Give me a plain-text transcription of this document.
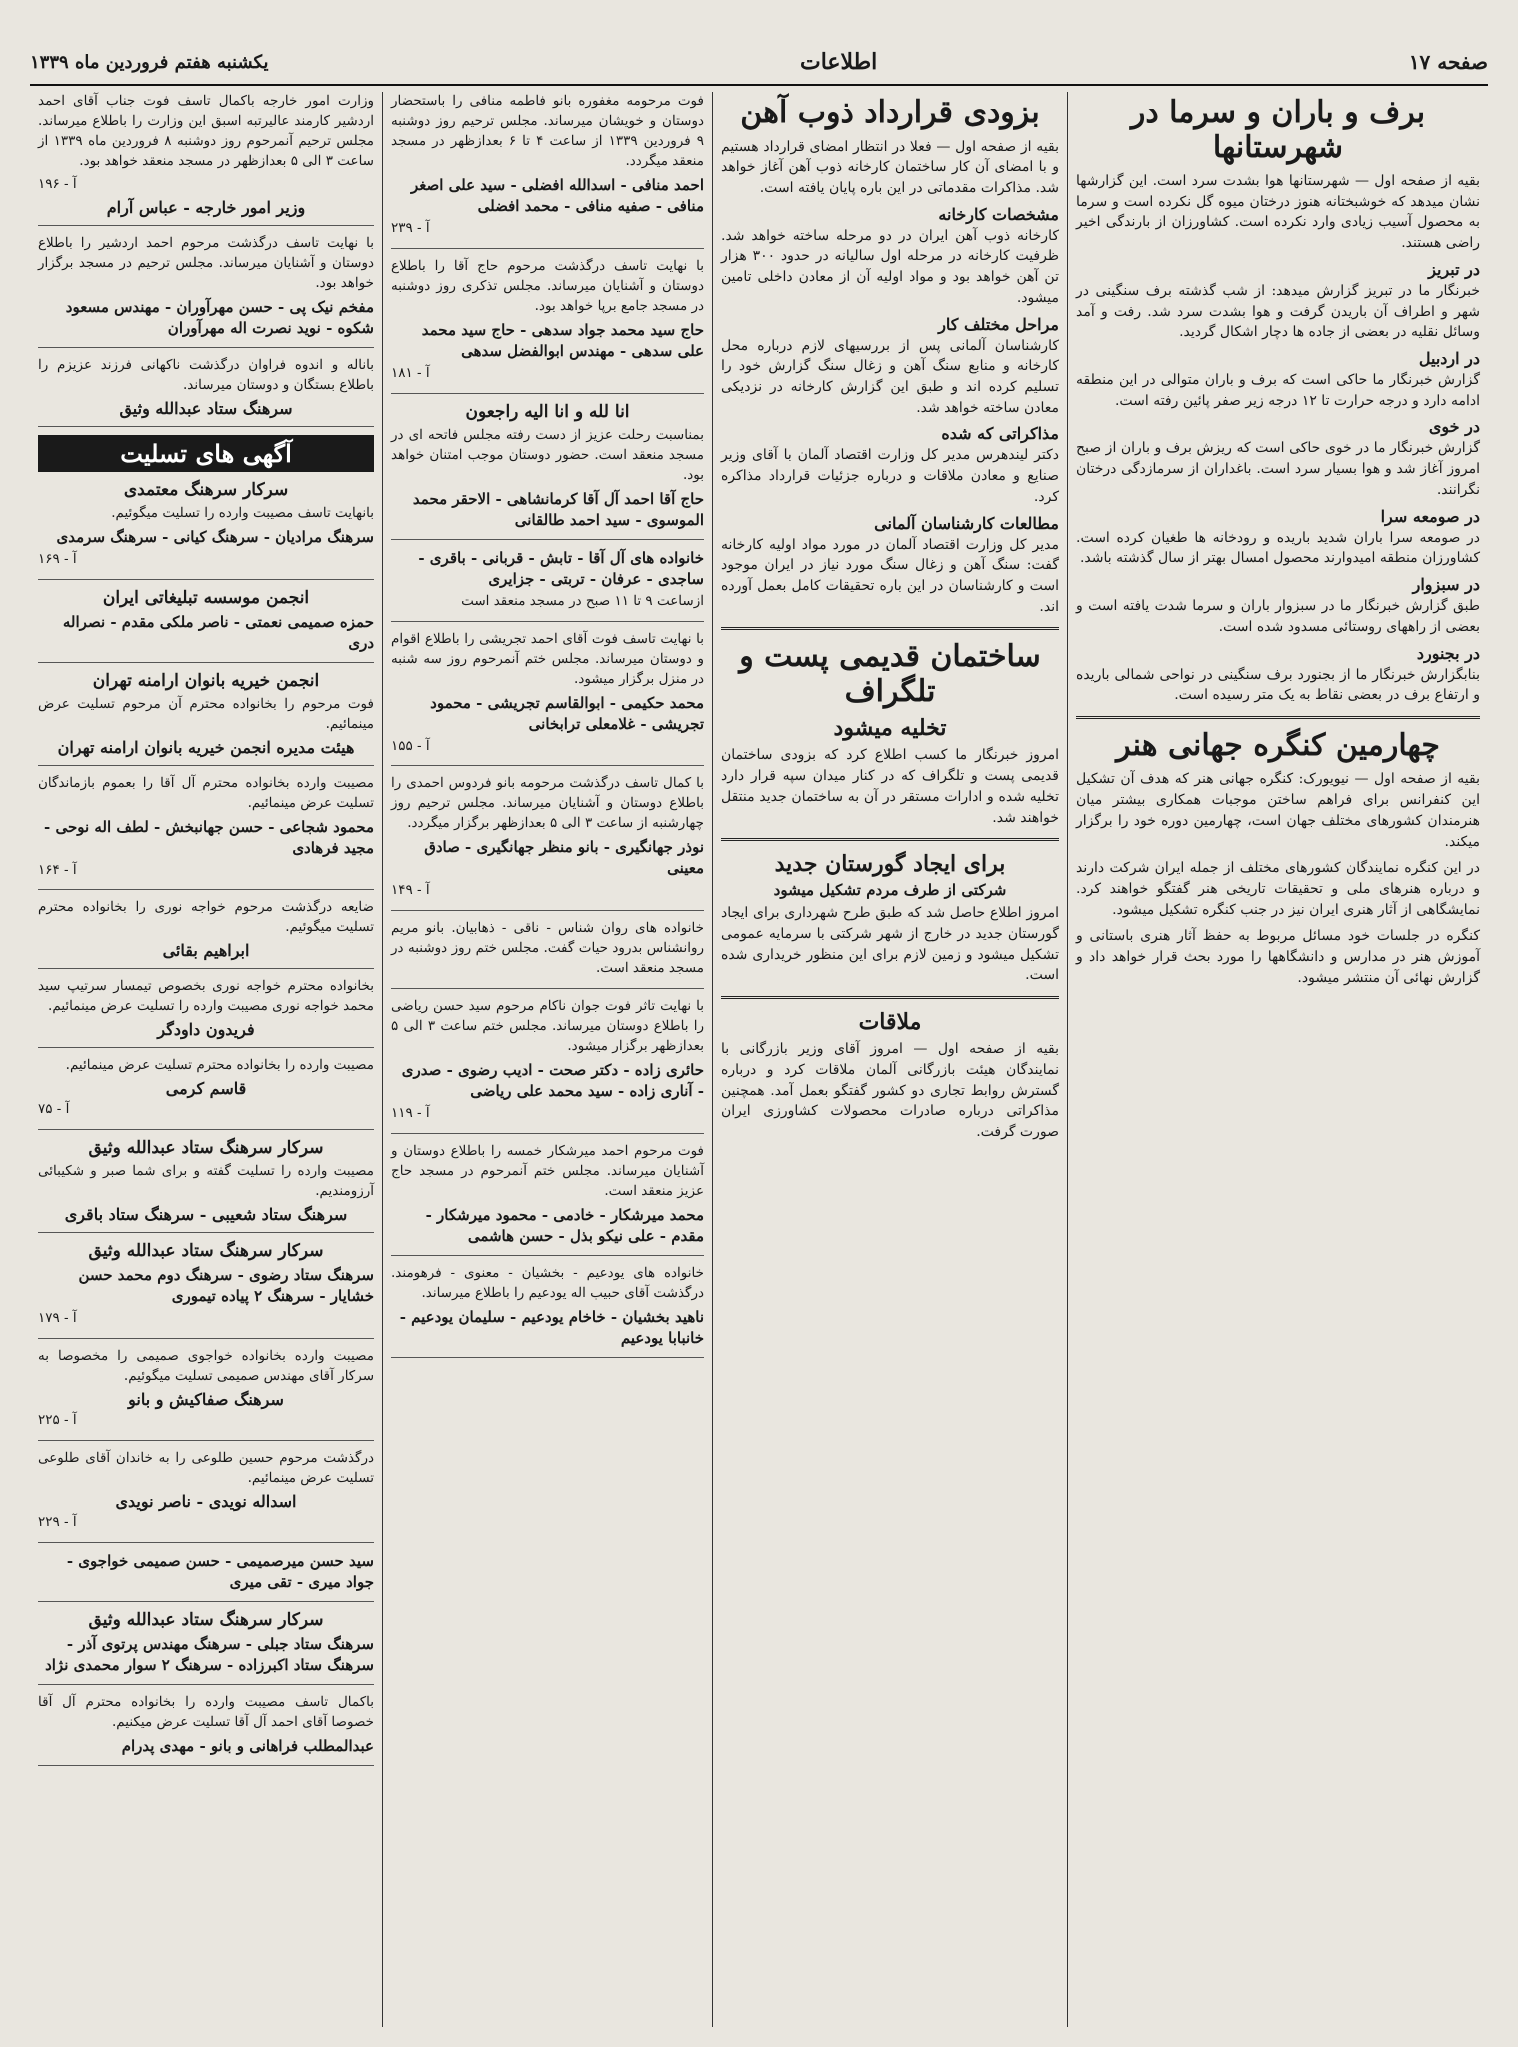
صفحه ۱۷
اطلاعات
یکشنبه هفتم فروردین ماه ۱۳۳۹
برف و باران و سرما در شهرستانها

بقیه از صفحه اول — شهرستانها هوا بشدت سرد است. این گزارشها نشان میدهد که خوشبختانه هنوز درختان میوه گل نکرده است و سرما به محصول آسیب زیادی وارد نکرده است. کشاورزان از بارندگی اخیر راضی هستند.

در تبریز

خبرنگار ما در تبریز گزارش میدهد: از شب گذشته برف سنگینی در شهر و اطراف آن باریدن گرفت و هوا بشدت سرد شد. رفت و آمد وسائل نقلیه در بعضی از جاده ها دچار اشکال گردید.

در اردبیل

گزارش خبرنگار ما حاکی است که برف و باران متوالی در این منطقه ادامه دارد و درجه حرارت تا ۱۲ درجه زیر صفر پائین رفته است.

در خوی

گزارش خبرنگار ما در خوی حاکی است که ریزش برف و باران از صبح امروز آغاز شد و هوا بسیار سرد است. باغداران از سرمازدگی درختان نگرانند.

در صومعه سرا

در صومعه سرا باران شدید باریده و رودخانه ها طغیان کرده است. کشاورزان منطقه امیدوارند محصول امسال بهتر از سال گذشته باشد.

در سبزوار

طبق گزارش خبرنگار ما در سبزوار باران و سرما شدت یافته است و بعضی از راههای روستائی مسدود شده است.

در بجنورد

بنابگزارش خبرنگار ما از بجنورد برف سنگینی در نواحی شمالی باریده و ارتفاع برف در بعضی نقاط به یک متر رسیده است.

چهارمین کنگره جهانی هنر

بقیه از صفحه اول — نیویورک: کنگره جهانی هنر که هدف آن تشکیل این کنفرانس برای فراهم ساختن موجبات همکاری بیشتر میان هنرمندان کشورهای مختلف جهان است، چهارمین دوره خود را برگزار میکند.

در این کنگره نمایندگان کشورهای مختلف از جمله ایران شرکت دارند و درباره هنرهای ملی و تحقیقات تاریخی هنر گفتگو خواهند کرد. نمایشگاهی از آثار هنری ایران نیز در جنب کنگره تشکیل میشود.

کنگره در جلسات خود مسائل مربوط به حفظ آثار هنری باستانی و آموزش هنر در مدارس و دانشگاهها را مورد بحث قرار خواهد داد و گزارش نهائی آن منتشر میشود.

بزودی قرارداد ذوب آهن

بقیه از صفحه اول — فعلا در انتظار امضای قرارداد هستیم و با امضای آن کار ساختمان کارخانه ذوب آهن آغاز خواهد شد. مذاکرات مقدماتی در این باره پایان یافته است.

مشخصات کارخانه

کارخانه ذوب آهن ایران در دو مرحله ساخته خواهد شد. ظرفیت کارخانه در مرحله اول سالیانه در حدود ۳۰۰ هزار تن آهن خواهد بود و مواد اولیه آن از معادن داخلی تامین میشود.

مراحل مختلف کار

کارشناسان آلمانی پس از بررسیهای لازم درباره محل کارخانه و منابع سنگ آهن و زغال سنگ گزارش خود را تسلیم کرده اند و طبق این گزارش کارخانه در نزدیکی معادن ساخته خواهد شد.

مذاکراتی که شده

دکتر لیندهرس مدیر کل وزارت اقتصاد آلمان با آقای وزیر صنایع و معادن ملاقات و درباره جزئیات قرارداد مذاکره کرد.

مطالعات کارشناسان آلمانی

مدیر کل وزارت اقتصاد آلمان در مورد مواد اولیه کارخانه گفت: سنگ آهن و زغال سنگ مورد نیاز در ایران موجود است و کارشناسان در این باره تحقیقات کامل بعمل آورده اند.

ساختمان قدیمی پست و تلگراف
تخلیه میشود

امروز خبرنگار ما کسب اطلاع کرد که بزودی ساختمان قدیمی پست و تلگراف که در کنار میدان سپه قرار دارد تخلیه شده و ادارات مستقر در آن به ساختمان جدید منتقل خواهند شد.

برای ایجاد گورستان جدید
شرکتی از طرف مردم تشکیل میشود

امروز اطلاع حاصل شد که طبق طرح شهرداری برای ایجاد گورستان جدید در خارج از شهر شرکتی با سرمایه عمومی تشکیل میشود و زمین لازم برای این منظور خریداری شده است.

ملاقات

بقیه از صفحه اول — امروز آقای وزیر بازرگانی با نمایندگان هیئت بازرگانی آلمان ملاقات کرد و درباره گسترش روابط تجاری دو کشور گفتگو بعمل آمد. همچنین مذاکراتی درباره صادرات محصولات کشاورزی ایران صورت گرفت.

فوت مرحومه مغفوره بانو فاطمه منافی را باستحضار دوستان و خویشان میرساند. مجلس ترحیم روز دوشنبه ۹ فروردین ۱۳۳۹ از ساعت ۴ تا ۶ بعدازظهر در مسجد منعقد میگردد.

احمد منافی - اسدالله افضلی - سید علی اصغر منافی - صفیه منافی - محمد افضلی

آ - ۲۳۹

با نهایت تاسف درگذشت مرحوم حاج آقا را باطلاع دوستان و آشنایان میرساند. مجلس تذکری روز دوشنبه در مسجد جامع برپا خواهد بود.

حاج سید محمد جواد سدهی - حاج سید محمد علی سدهی - مهندس ابوالفضل سدهی

آ - ۱۸۱

انا لله و انا الیه راجعون

بمناسبت رحلت عزیز از دست رفته مجلس فاتحه ای در مسجد منعقد است. حضور دوستان موجب امتنان خواهد بود.

حاج آقا احمد آل آقا کرمانشاهی - الاحقر محمد الموسوی - سید احمد طالقانی
خانواده های آل آقا - تابش - قربانی - باقری - ساجدی - عرفان - تربتی - جزایری

ازساعت ۹ تا ۱۱ صبح در مسجد منعقد است

با نهایت تاسف فوت آقای احمد تجریشی را باطلاع اقوام و دوستان میرساند. مجلس ختم آنمرحوم روز سه شنبه در منزل برگزار میشود.

محمد حکیمی - ابوالقاسم تجریشی - محمود تجریشی - غلامعلی ترابخانی

آ - ۱۵۵

با کمال تاسف درگذشت مرحومه بانو فردوس احمدی را باطلاع دوستان و آشنایان میرساند. مجلس ترحیم روز چهارشنبه از ساعت ۳ الی ۵ بعدازظهر برگزار میگردد.

نوذر جهانگیری - بانو منظر جهانگیری - صادق معینی

آ - ۱۴۹

خانواده های روان شناس - ناقی - ذهابیان. بانو مریم روانشناس بدرود حیات گفت. مجلس ختم روز دوشنبه در مسجد منعقد است.

با نهایت تاثر فوت جوان ناکام مرحوم سید حسن ریاضی را باطلاع دوستان میرساند. مجلس ختم ساعت ۳ الی ۵ بعدازظهر برگزار میشود.

حائری زاده - دکتر صحت - ادیب رضوی - صدری - آناری زاده - سید محمد علی ریاضی

آ - ۱۱۹

فوت مرحوم احمد میرشکار خمسه را باطلاع دوستان و آشنایان میرساند. مجلس ختم آنمرحوم در مسجد حاج عزیز منعقد است.

محمد میرشکار - خادمی - محمود میرشکار - مقدم - علی نیکو بذل - حسن هاشمی

خانواده های یودعیم - بخشیان - معنوی - فرهومند. درگذشت آقای حبیب اله یودعیم را باطلاع میرساند.

ناهید بخشیان - خاخام یودعیم - سلیمان یودعیم - خانبابا یودعیم

وزارت امور خارجه باکمال تاسف فوت جناب آقای احمد اردشیر کارمند عالیرتبه اسبق این وزارت را باطلاع میرساند. مجلس ترحیم آنمرحوم روز دوشنبه ۸ فروردین ماه ۱۳۳۹ از ساعت ۳ الی ۵ بعدازظهر در مسجد منعقد خواهد بود.

آ - ۱۹۶

وزیر امور خارجه - عباس آرام

با نهایت تاسف درگذشت مرحوم احمد اردشیر را باطلاع دوستان و آشنایان میرساند. مجلس ترحیم در مسجد برگزار خواهد بود.

مفخم نیک پی - حسن مهرآوران - مهندس مسعود شکوه - نوید نصرت اله مهرآوران

باناله و اندوه فراوان درگذشت ناکهانی فرزند عزیزم را باطلاع بستگان و دوستان میرساند.

سرهنگ ستاد عبدالله وثیق
آگهی های تسلیت
سرکار سرهنگ معتمدی

بانهایت تاسف مصیبت وارده را تسلیت میگوئیم.

سرهنگ مرادیان - سرهنگ کیانی - سرهنگ سرمدی

آ - ۱۶۹

انجمن موسسه تبلیغاتی ایران
حمزه صمیمی نعمتی - ناصر ملکی مقدم - نصراله دری
انجمن خیریه بانوان ارامنه تهران

فوت مرحوم را بخانواده محترم آن مرحوم تسلیت عرض مینمائیم.

هیئت مدیره انجمن خیریه بانوان ارامنه تهران

مصیبت وارده بخانواده محترم آل آقا را بعموم بازماندگان تسلیت عرض مینمائیم.

محمود شجاعی - حسن جهانبخش - لطف اله نوحی - مجید فرهادی

آ - ۱۶۴

ضایعه درگذشت مرحوم خواجه نوری را بخانواده محترم تسلیت میگوئیم.

ابراهیم بقائی

بخانواده محترم خواجه نوری بخصوص تیمسار سرتیپ سید محمد خواجه نوری مصیبت وارده را تسلیت عرض مینمائیم.

فریدون داودگر

مصیبت وارده را بخانواده محترم تسلیت عرض مینمائیم.

قاسم کرمی

آ - ۷۵

سرکار سرهنگ ستاد عبدالله وثیق

مصیبت وارده را تسلیت گفته و برای شما صبر و شکیبائی آرزومندیم.

سرهنگ ستاد شعیبی - سرهنگ ستاد باقری
سرکار سرهنگ ستاد عبدالله وثیق
سرهنگ ستاد رضوی - سرهنگ دوم محمد حسن خشایار - سرهنگ ۲ پیاده تیموری

آ - ۱۷۹

مصیبت وارده بخانواده خواجوی صمیمی را مخصوصا به سرکار آقای مهندس صمیمی تسلیت میگوئیم.

سرهنگ صفاکیش و بانو

آ - ۲۲۵

درگذشت مرحوم حسین طلوعی را به خاندان آقای طلوعی تسلیت عرض مینمائیم.

اسداله نویدی - ناصر نویدی

آ - ۲۲۹

سید حسن میرصمیمی - حسن صمیمی خواجوی - جواد میری - تقی میری
سرکار سرهنگ ستاد عبدالله وثیق
سرهنگ ستاد جبلی - سرهنگ مهندس پرتوی آذر - سرهنگ ستاد اکبرزاده - سرهنگ ۲ سوار محمدی نژاد

باکمال تاسف مصیبت وارده را بخانواده محترم آل آقا خصوصا آقای احمد آل آقا تسلیت عرض میکنیم.

عبدالمطلب فراهانی و بانو - مهدی پدرام
